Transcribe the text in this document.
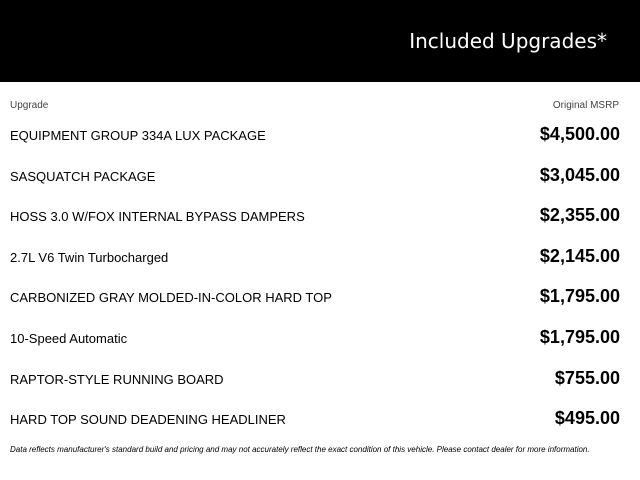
Included Upgrades*
Upgrade	Original MSRP
EQUIPMENT GROUP 334A LUX PACKAGE	$4,500.00
SASQUATCH PACKAGE	$3,045.00
HOSS 3.0 W/FOX INTERNAL BYPASS DAMPERS	$2,355.00
2.7L V6 Twin Turbocharged	$2,145.00
CARBONIZED GRAY MOLDED-IN-COLOR HARD TOP	$1,795.00
10-Speed Automatic	$1,795.00
RAPTOR-STYLE RUNNING BOARD	$755.00
HARD TOP SOUND DEADENING HEADLINER	$495.00
Data reflects manufacturer's standard build and pricing and may not accurately reflect the exact condition of this vehicle. Please contact dealer for more information.
